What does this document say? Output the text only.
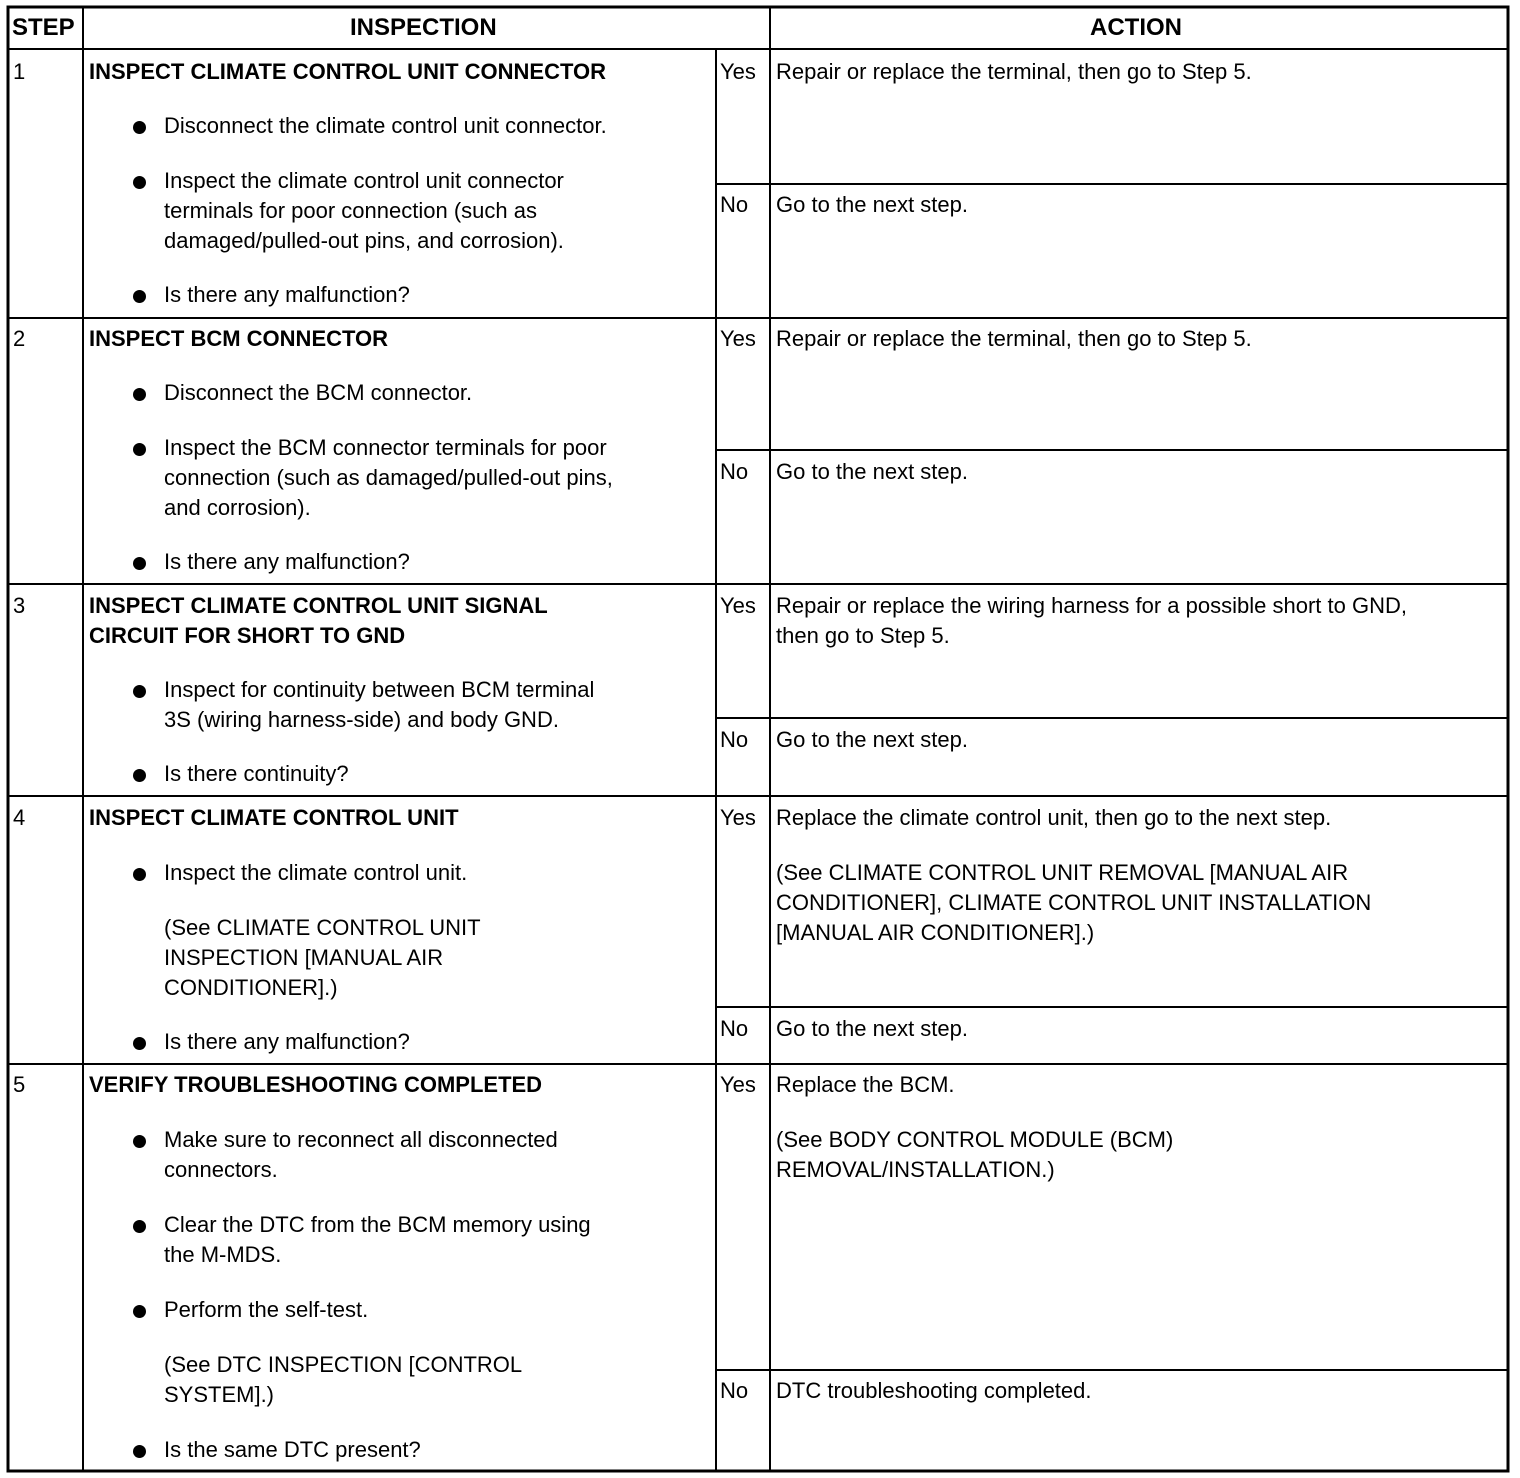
STEP	INSPECTION	ACTION
1	INSPECT CLIMATE CONTROL UNIT CONNECTOR
Disconnect the climate control unit connector.
Inspect the climate control unit connector
terminals for poor connection (such as
damaged/pulled-out pins, and corrosion).
Is there any malfunction?
Yes Repair or replace the terminal, then go to Step 5.
No Go to the next step.
2	INSPECT BCM CONNECTOR
Disconnect the BCM connector.
Inspect the BCM connector terminals for poor
connection (such as damaged/pulled-out pins,
and corrosion).
Is there any malfunction?
Yes Repair or replace the terminal, then go to Step 5.
No Go to the next step.
3	INSPECT CLIMATE CONTROL UNIT SIGNAL
CIRCUIT FOR SHORT TO GND
Inspect for continuity between BCM terminal
3S (wiring harness-side) and body GND.
Is there continuity?
Yes Repair or replace the wiring harness for a possible short to GND,
then go to Step 5.
No Go to the next step.
4	INSPECT CLIMATE CONTROL UNIT
Inspect the climate control unit.
(See CLIMATE CONTROL UNIT
INSPECTION [MANUAL AIR
CONDITIONER].)
Is there any malfunction?
Yes Replace the climate control unit, then go to the next step.
(See CLIMATE CONTROL UNIT REMOVAL [MANUAL AIR
CONDITIONER], CLIMATE CONTROL UNIT INSTALLATION
[MANUAL AIR CONDITIONER].)
No Go to the next step.
5	VERIFY TROUBLESHOOTING COMPLETED
Make sure to reconnect all disconnected
connectors.
Clear the DTC from the BCM memory using
the M-MDS.
Perform the self-test.
(See DTC INSPECTION [CONTROL
SYSTEM].)
Is the same DTC present?
Yes Replace the BCM.
(See BODY CONTROL MODULE (BCM)
REMOVAL/INSTALLATION.)
No DTC troubleshooting completed.
